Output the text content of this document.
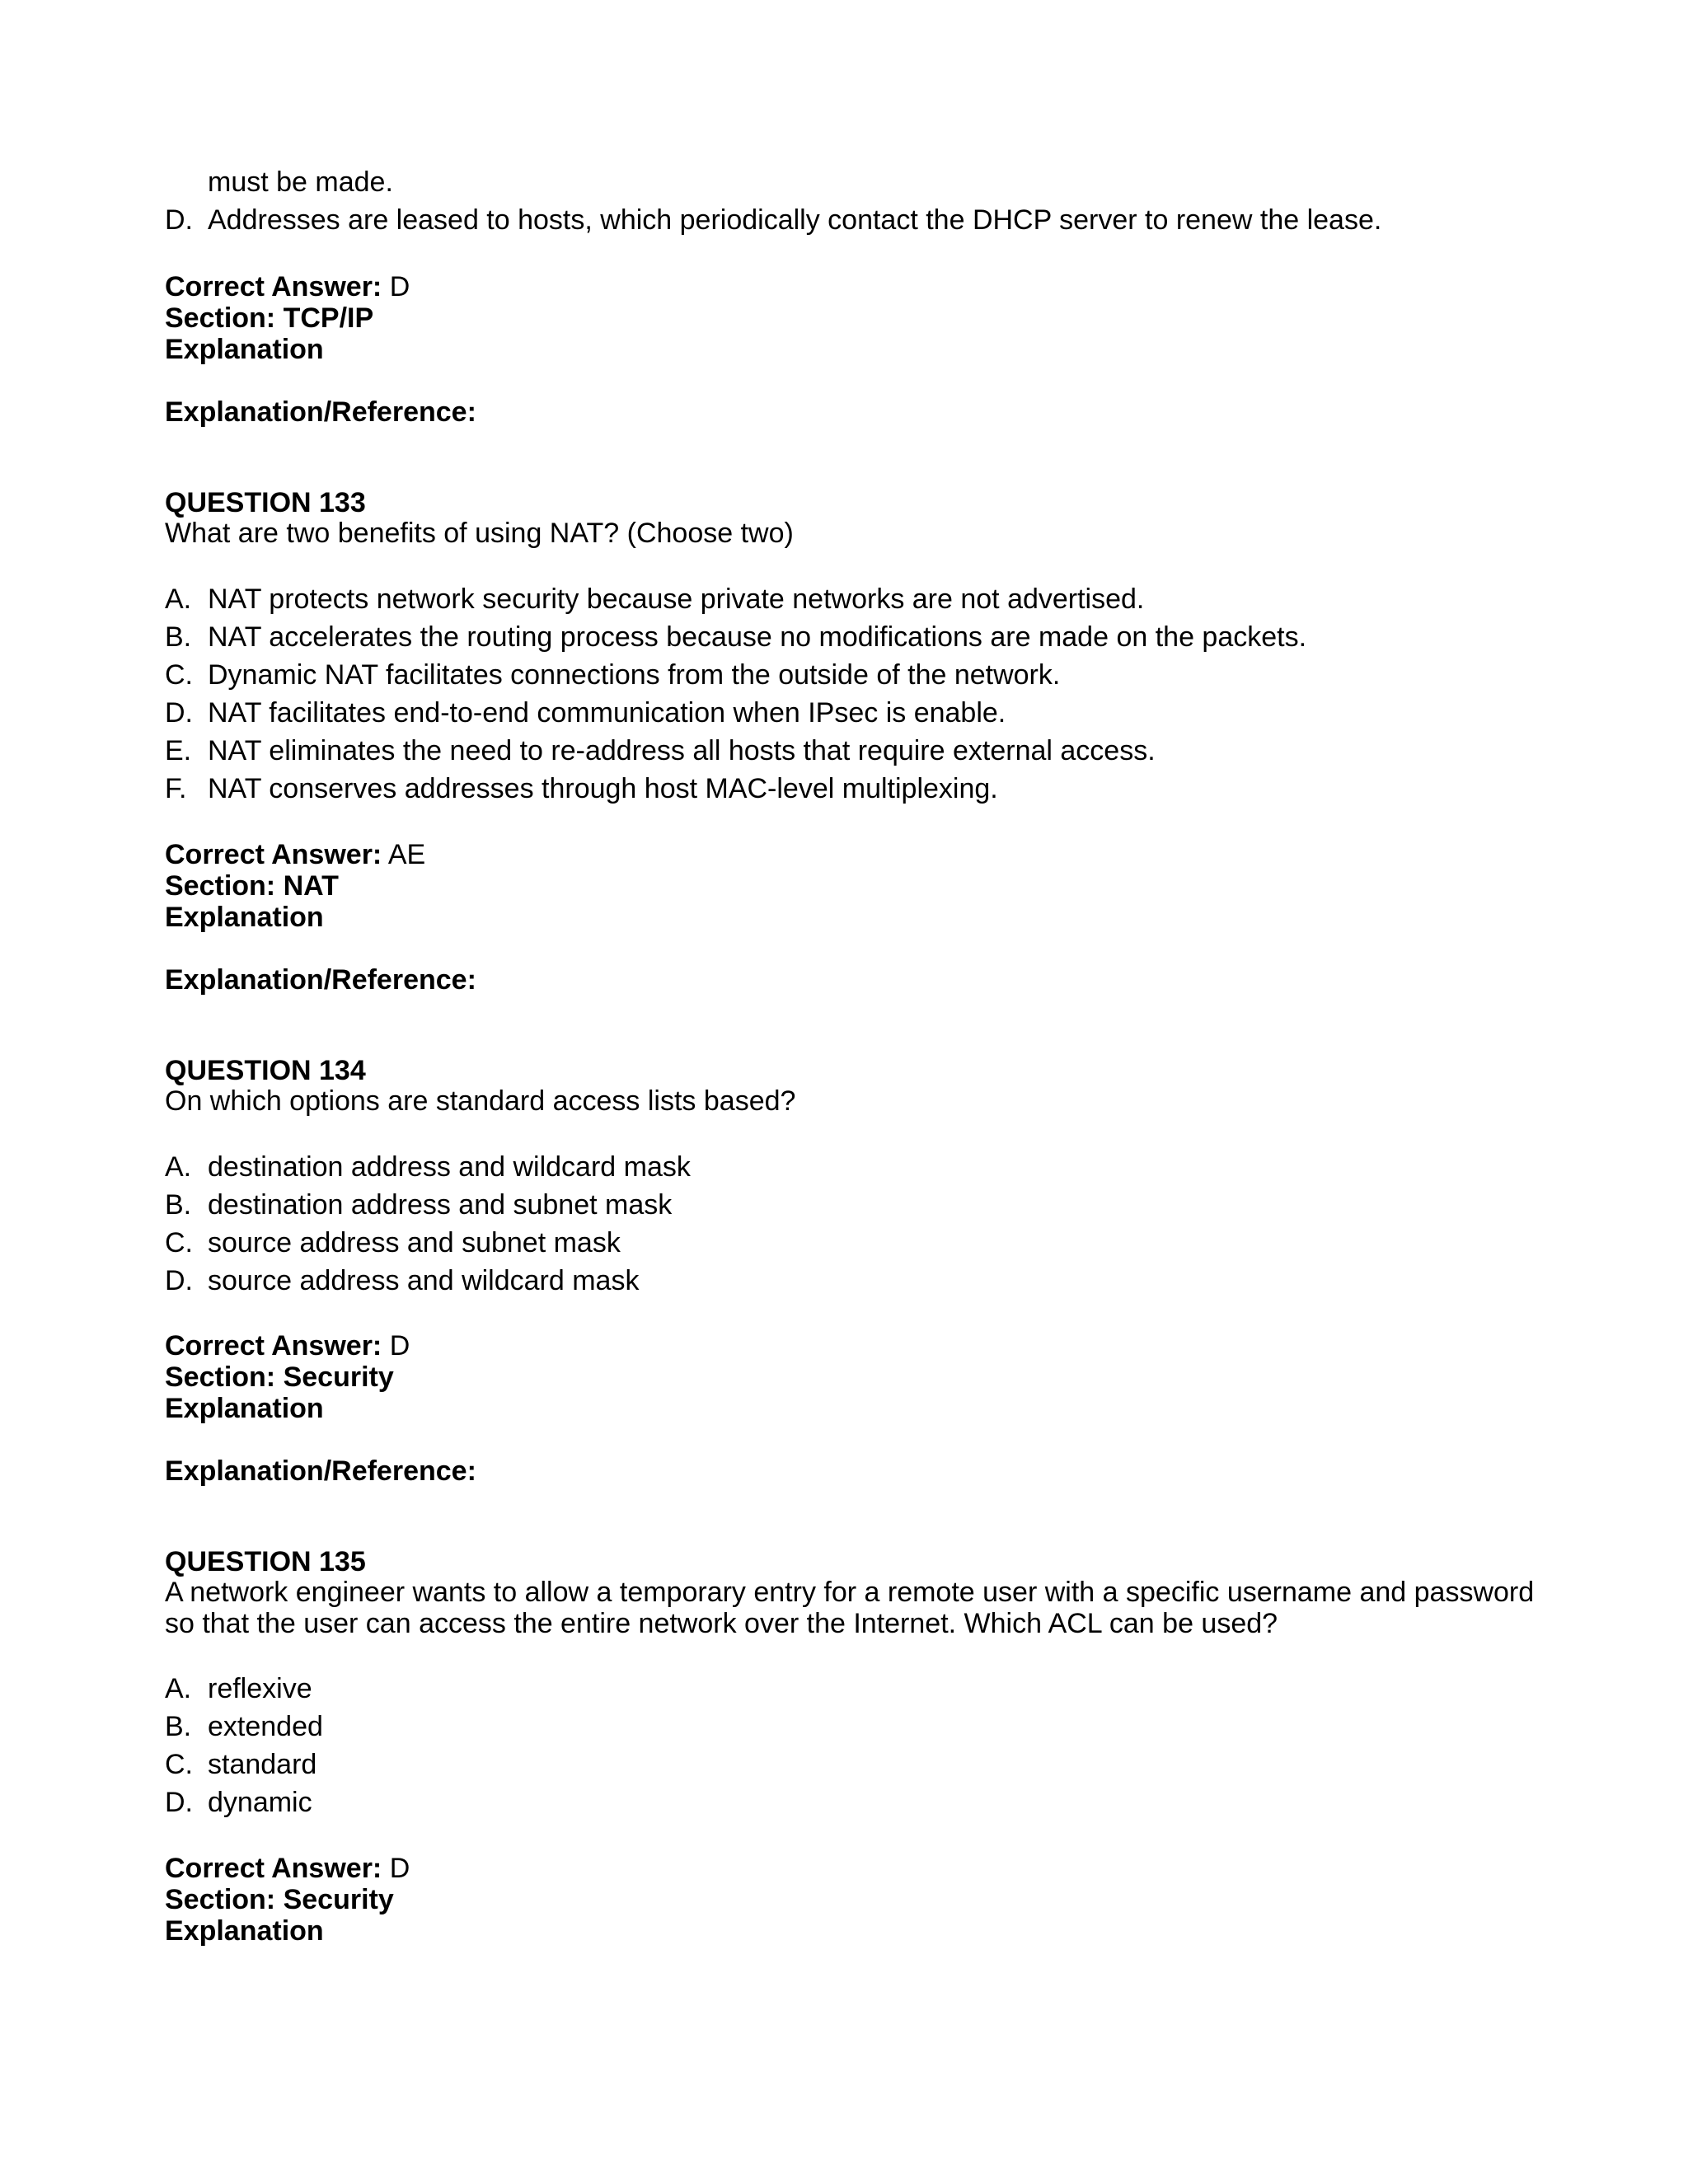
must be made.
D. Addresses are leased to hosts, which periodically contact the DHCP server to renew the lease.
Correct Answer: D
Section: TCP/IP
Explanation
Explanation/Reference:
QUESTION 133
What are two benefits of using NAT? (Choose two)
A. NAT protects network security because private networks are not advertised.
B. NAT accelerates the routing process because no modifications are made on the packets.
C. Dynamic NAT facilitates connections from the outside of the network.
D. NAT facilitates end-to-end communication when IPsec is enable.
E. NAT eliminates the need to re-address all hosts that require external access.
F. NAT conserves addresses through host MAC-level multiplexing.
Correct Answer: AE
Section: NAT
Explanation
Explanation/Reference:
QUESTION 134
On which options are standard access lists based?
A. destination address and wildcard mask
B. destination address and subnet mask
C. source address and subnet mask
D. source address and wildcard mask
Correct Answer: D
Section: Security
Explanation
Explanation/Reference:
QUESTION 135
A network engineer wants to allow a temporary entry for a remote user with a specific username and password
so that the user can access the entire network over the Internet. Which ACL can be used?
A. reflexive
B. extended
C. standard
D. dynamic
Correct Answer: D
Section: Security
Explanation
